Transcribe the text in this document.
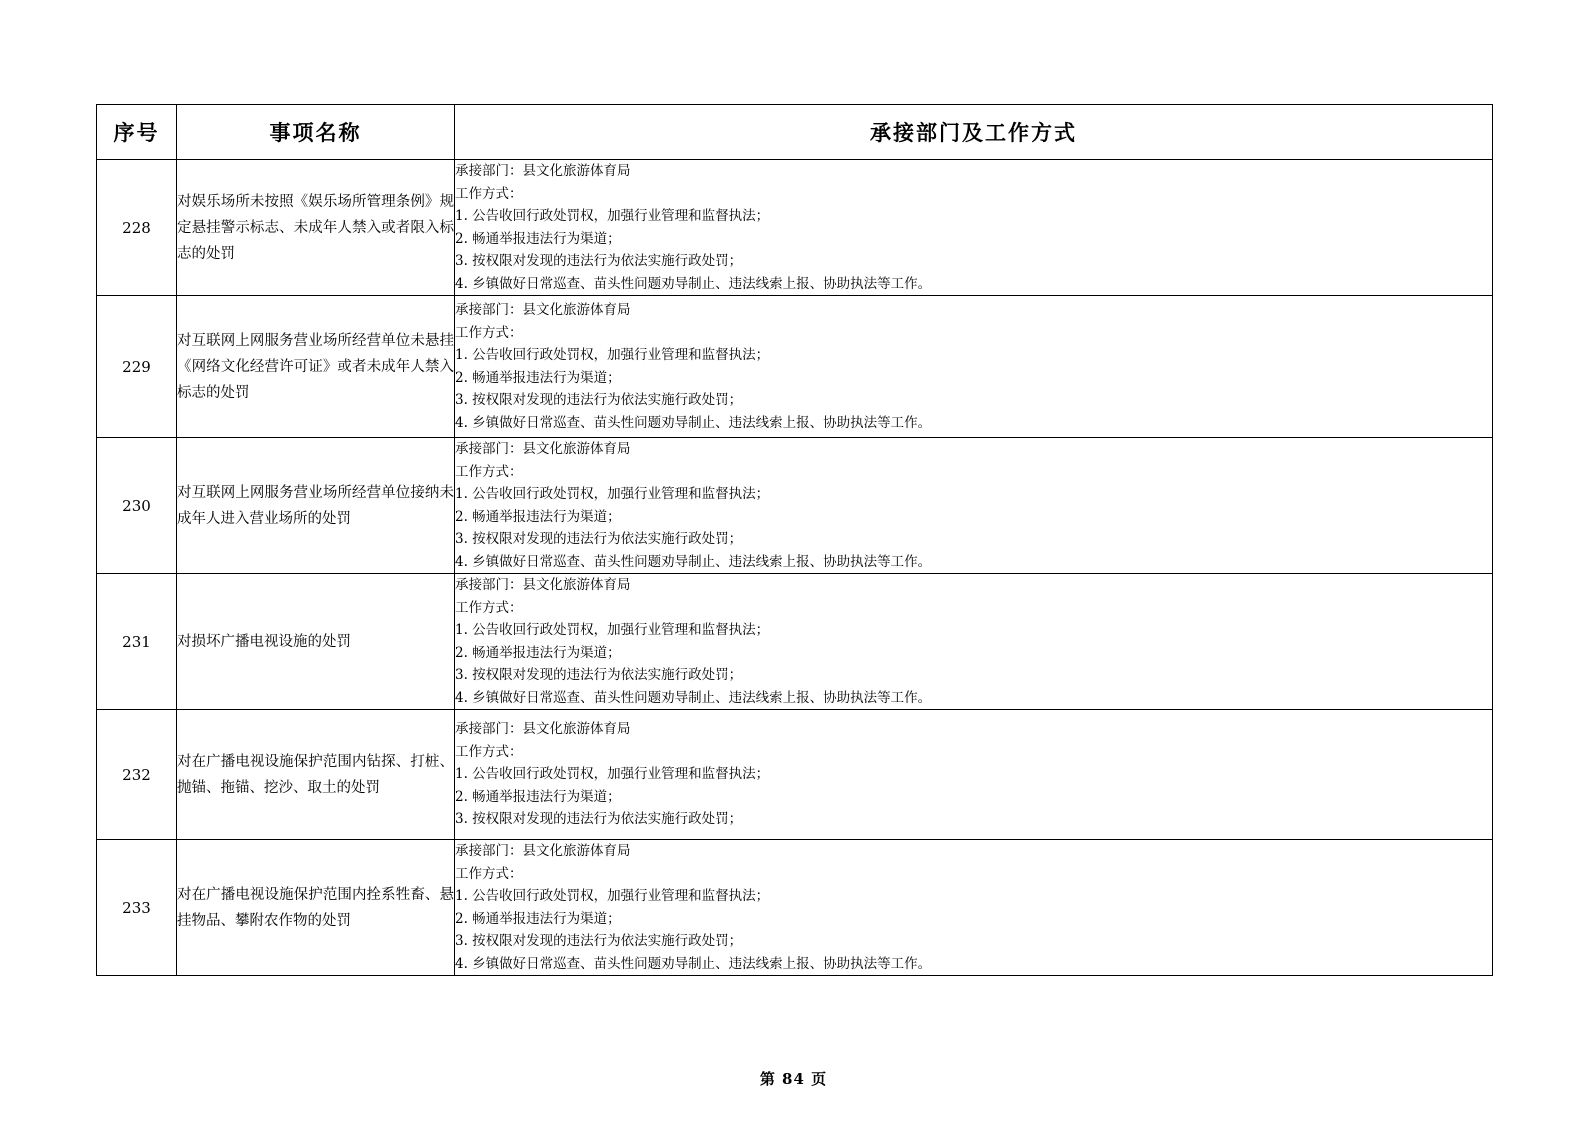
序号	事项名称	承接部门及工作方式
228	对娱乐场所未按照《娱乐场所管理条例》规定悬挂警示标志、未成年人禁入或者限入标志的处罚	
承接部门：县文化旅游体育局
工作方式：
1. 公告收回行政处罚权，加强行业管理和监督执法；
2. 畅通举报违法行为渠道；
3. 按权限对发现的违法行为依法实施行政处罚；
4. 乡镇做好日常巡查、苗头性问题劝导制止、违法线索上报、协助执法等工作。

229	对互联网上网服务营业场所经营单位未悬挂《网络文化经营许可证》或者未成年人禁入标志的处罚	
承接部门：县文化旅游体育局
工作方式：
1. 公告收回行政处罚权，加强行业管理和监督执法；
2. 畅通举报违法行为渠道；
3. 按权限对发现的违法行为依法实施行政处罚；
4. 乡镇做好日常巡查、苗头性问题劝导制止、违法线索上报、协助执法等工作。

230	对互联网上网服务营业场所经营单位接纳未成年人进入营业场所的处罚	
承接部门：县文化旅游体育局
工作方式：
1. 公告收回行政处罚权，加强行业管理和监督执法；
2. 畅通举报违法行为渠道；
3. 按权限对发现的违法行为依法实施行政处罚；
4. 乡镇做好日常巡查、苗头性问题劝导制止、违法线索上报、协助执法等工作。

231	对损坏广播电视设施的处罚	
承接部门：县文化旅游体育局
工作方式：
1. 公告收回行政处罚权，加强行业管理和监督执法；
2. 畅通举报违法行为渠道；
3. 按权限对发现的违法行为依法实施行政处罚；
4. 乡镇做好日常巡查、苗头性问题劝导制止、违法线索上报、协助执法等工作。

232	对在广播电视设施保护范围内钻探、打桩、抛锚、拖锚、挖沙、取土的处罚	承接部门：县文化旅游体育局
工作方式：
1. 公告收回行政处罚权，加强行业管理和监督执法；
2. 畅通举报违法行为渠道；
3. 按权限对发现的违法行为依法实施行政处罚；

233	对在广播电视设施保护范围内拴系牲畜、悬挂物品、攀附农作物的处罚	
承接部门：县文化旅游体育局
工作方式：
1. 公告收回行政处罚权，加强行业管理和监督执法；
2. 畅通举报违法行为渠道；
3. 按权限对发现的违法行为依法实施行政处罚；
4. 乡镇做好日常巡查、苗头性问题劝导制止、违法线索上报、协助执法等工作。
第 84 页
